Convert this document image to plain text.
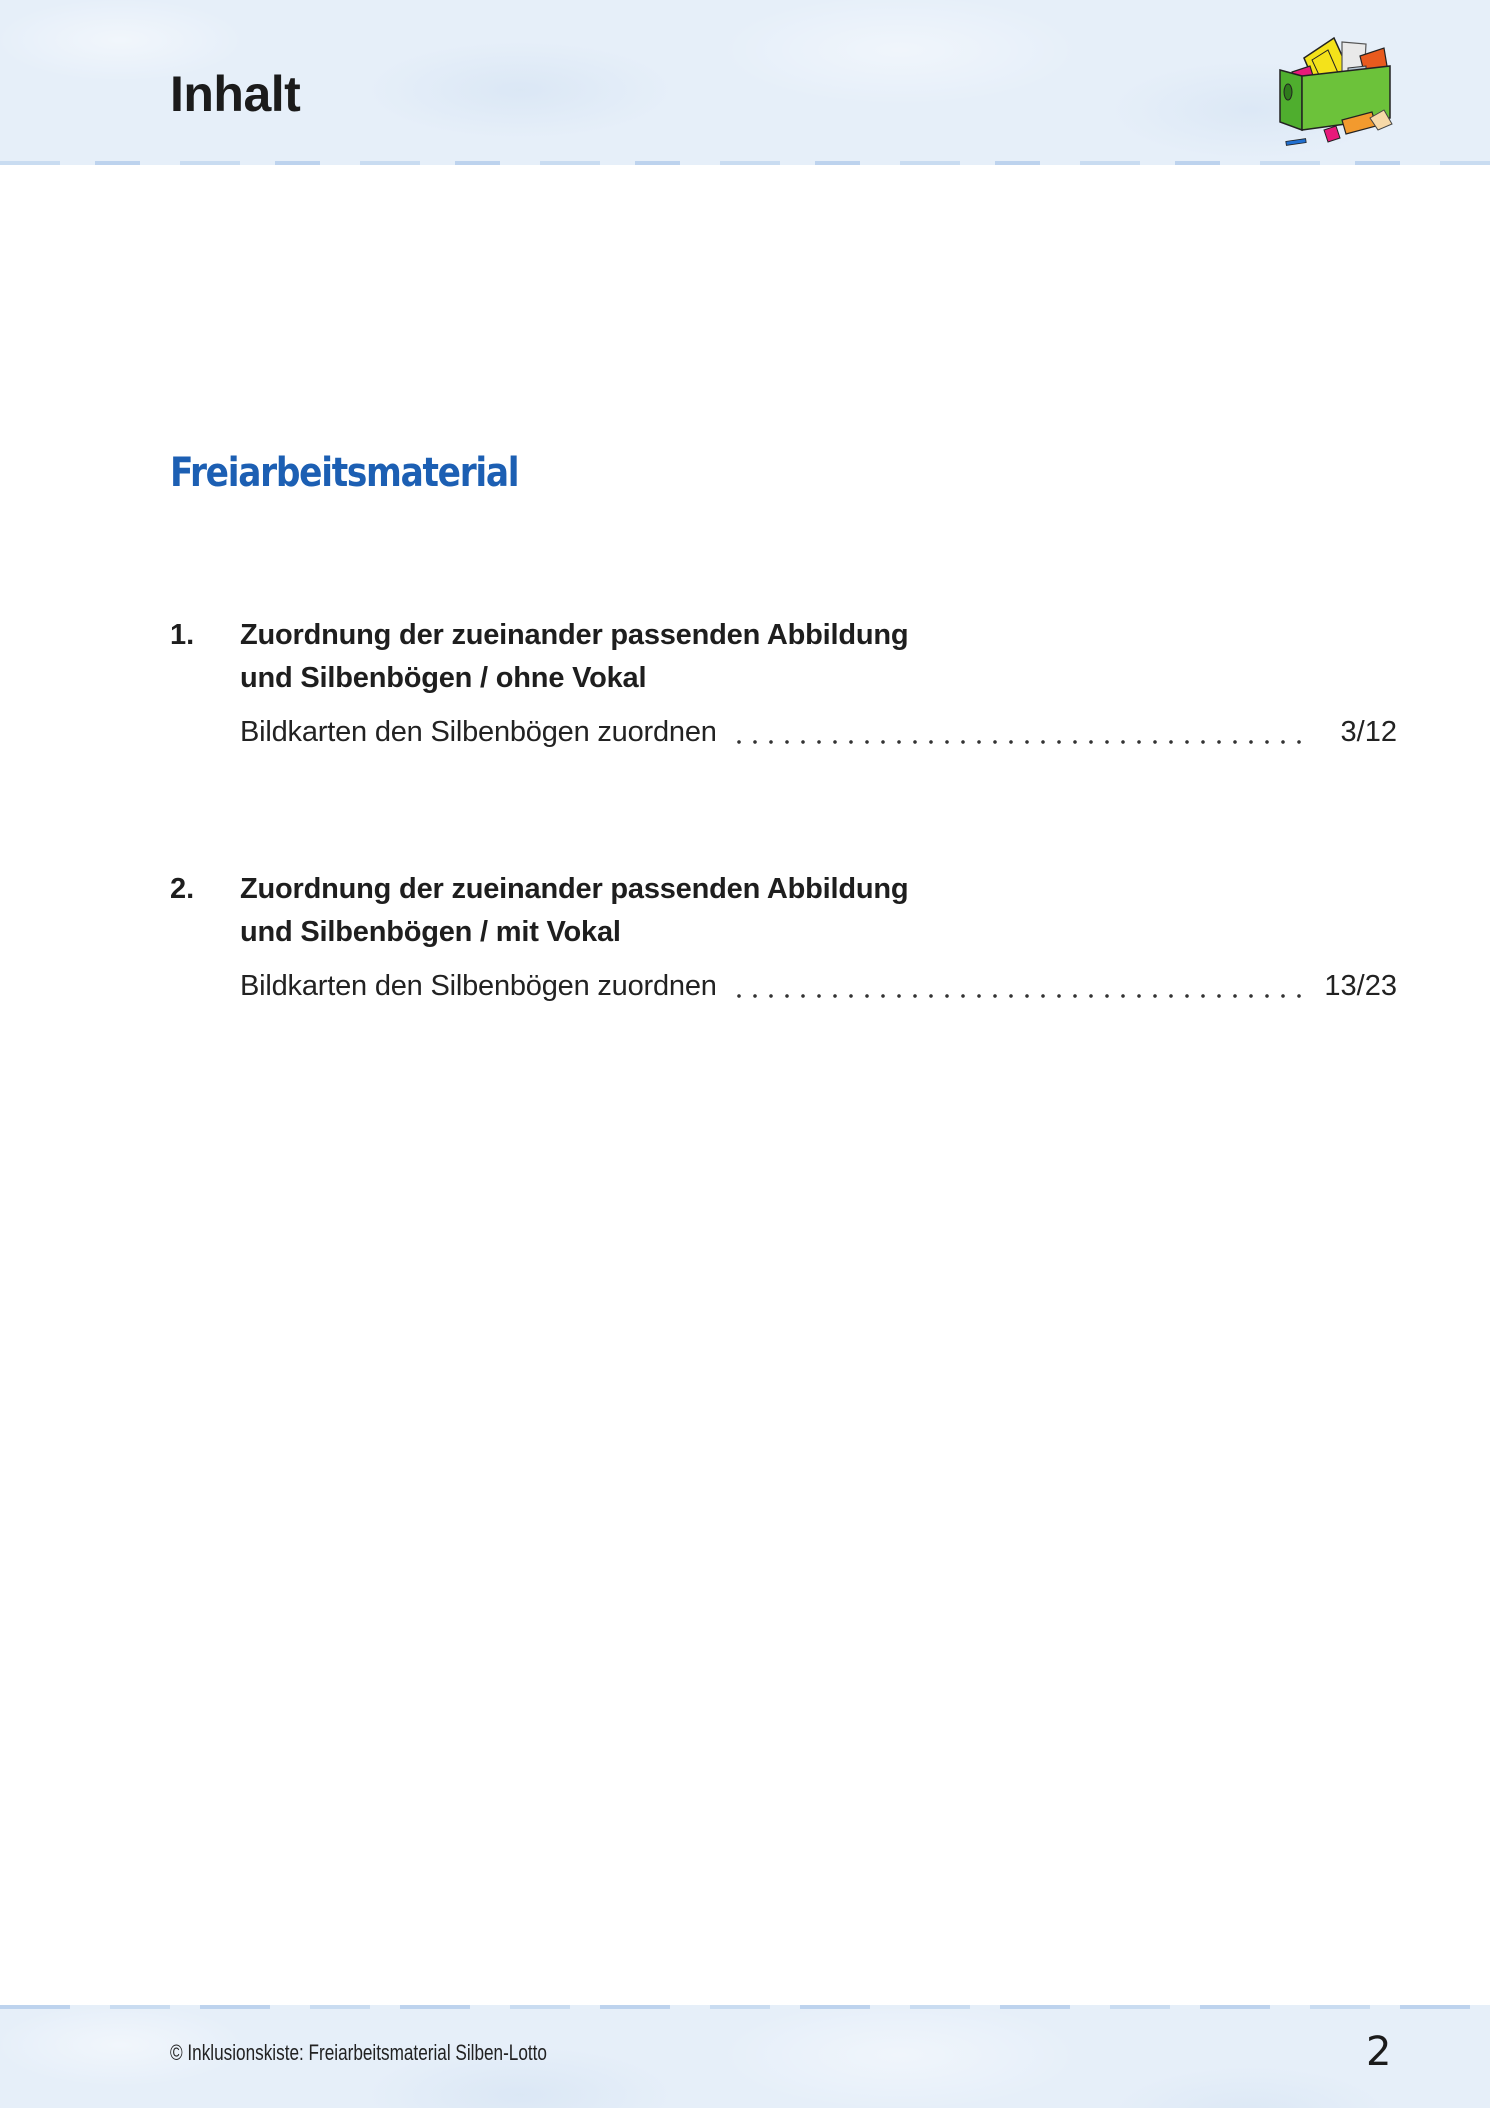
Inhalt
Freiarbeitsmaterial
1. Zuordnung der zueinander passenden Abbildung
und Silbenbögen / ohne Vokal
Bildkarten den Silbenbögen zuordnen	3/12
2. Zuordnung der zueinander passenden Abbildung
und Silbenbögen / mit Vokal
Bildkarten den Silbenbögen zuordnen	13/23
© Inklusionskiste: Freiarbeitsmaterial Silben-Lotto	2
